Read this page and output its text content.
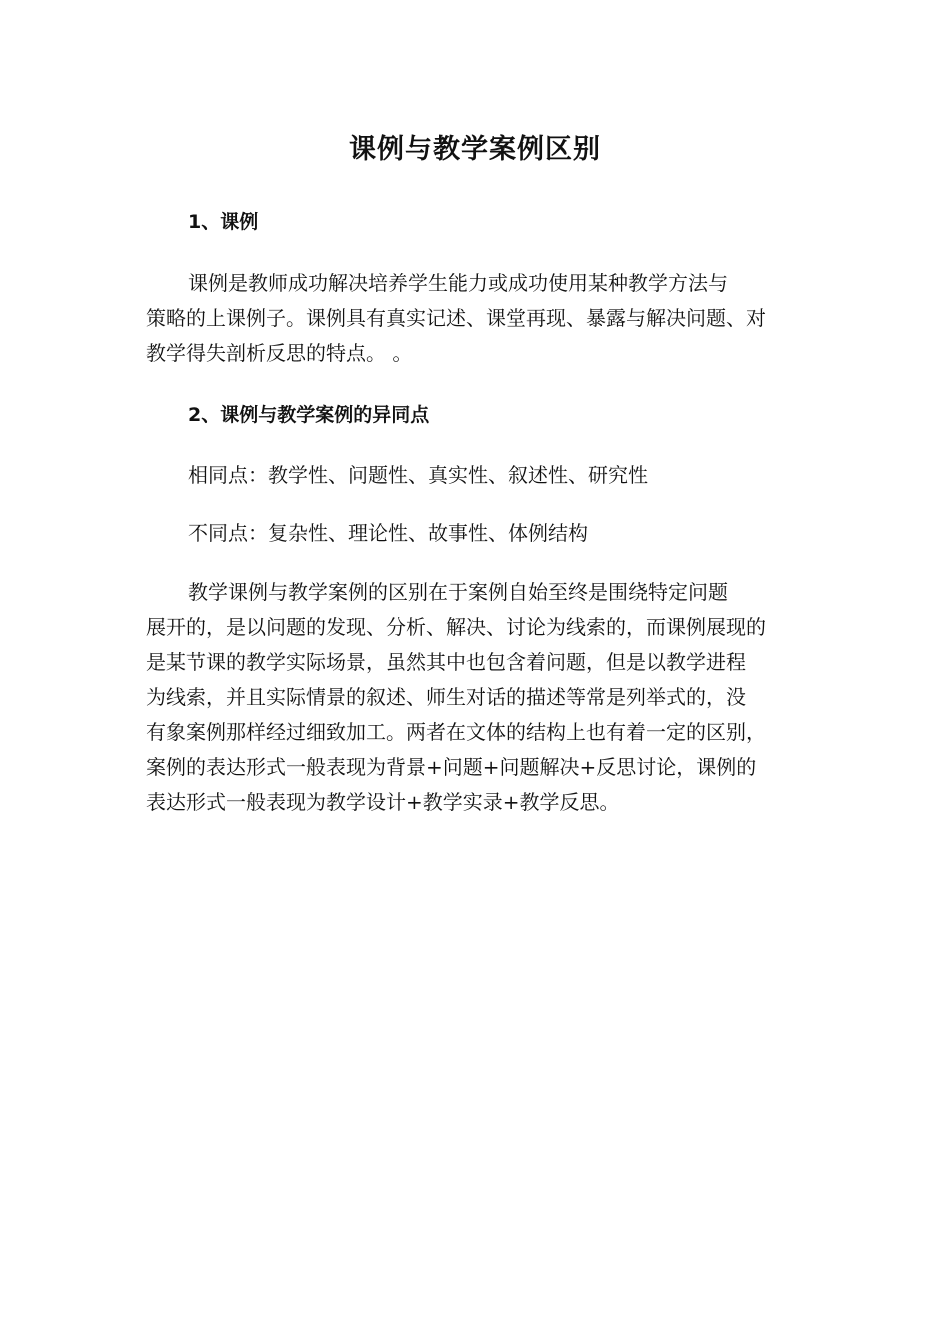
课例与教学案例区别
1、课例
课例是教师成功解决培养学生能力或成功使用某种教学方法与
策略的上课例子。课例具有真实记述、课堂再现、暴露与解决问题、对
教学得失剖析反思的特点。 。
2、课例与教学案例的异同点
相同点：教学性、问题性、真实性、叙述性、研究性
不同点：复杂性、理论性、故事性、体例结构
教学课例与教学案例的区别在于案例自始至终是围绕特定问题
展开的，是以问题的发现、分析、解决、讨论为线索的，而课例展现的
是某节课的教学实际场景，虽然其中也包含着问题，但是以教学进程
为线索，并且实际情景的叙述、师生对话的描述等常是列举式的，没
有象案例那样经过细致加工。两者在文体的结构上也有着一定的区别，
案例的表达形式一般表现为背景+问题+问题解决+反思讨论，课例的
表达形式一般表现为教学设计+教学实录+教学反思。
